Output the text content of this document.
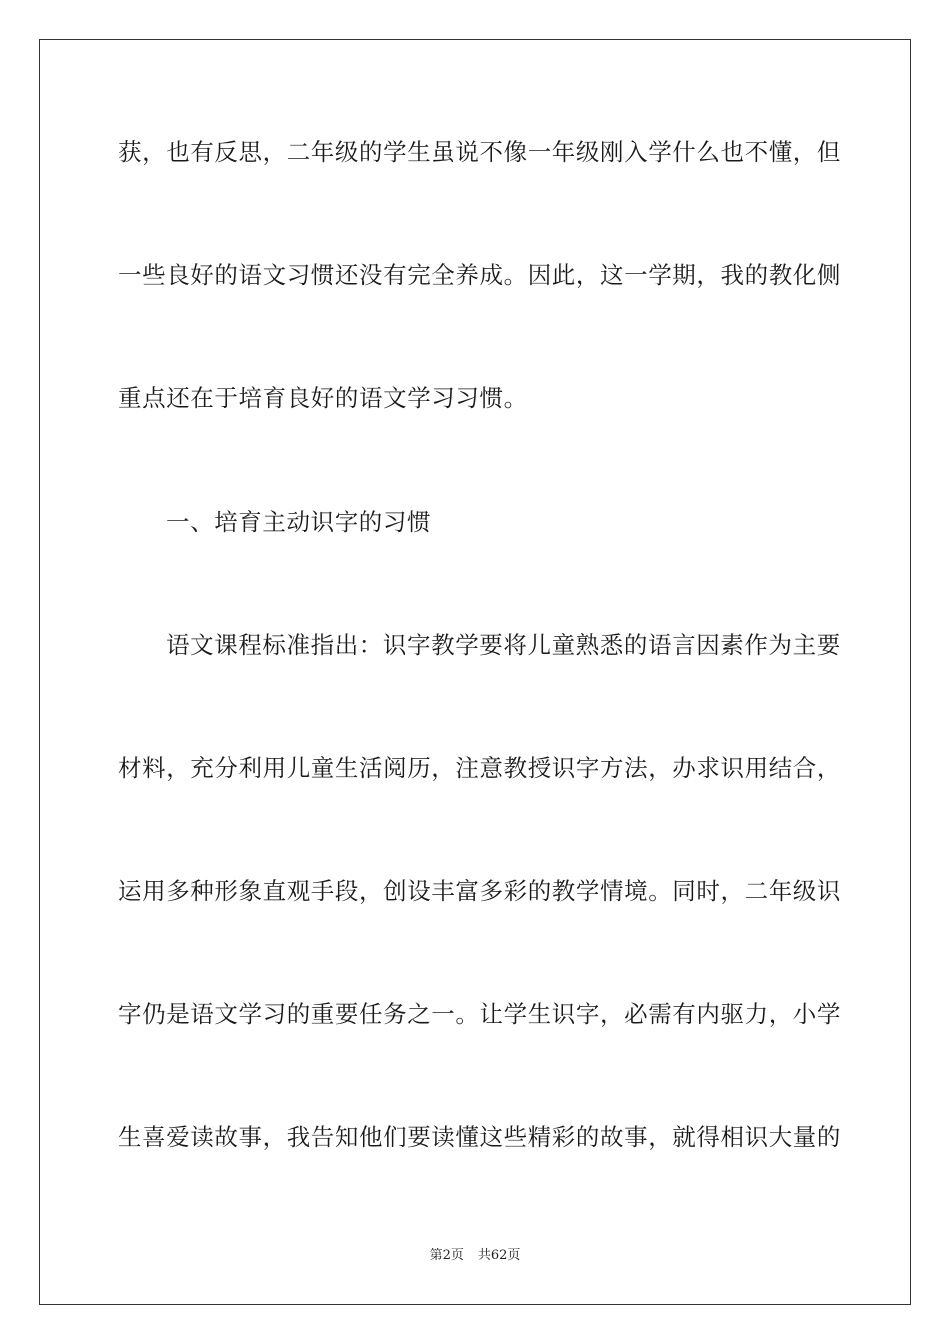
获，也有反思，二年级的学生虽说不像一年级刚入学什么也不懂，但
一些良好的语文习惯还没有完全养成。因此，这一学期，我的教化侧
重点还在于培育良好的语文学习习惯。
一、培育主动识字的习惯
语文课程标准指出：识字教学要将儿童熟悉的语言因素作为主要
材料，充分利用儿童生活阅历，注意教授识字方法，办求识用结合，
运用多种形象直观手段，创设丰富多彩的教学情境。同时，二年级识
字仍是语文学习的重要任务之一。让学生识字，必需有内驱力，小学
生喜爱读故事，我告知他们要读懂这些精彩的故事，就得相识大量的
第2页 共62页
